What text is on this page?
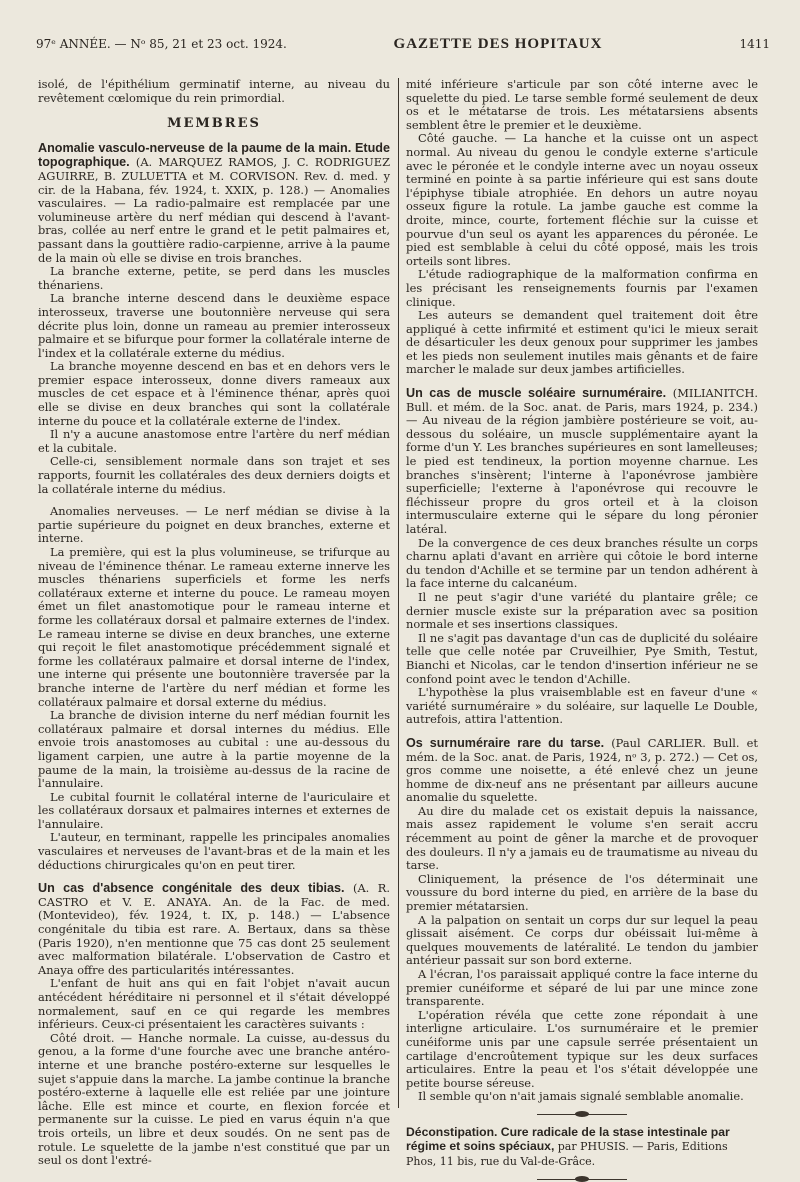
97ᵉ ANNÉE. — Nᵒ 85, 21 et 23 oct. 1924.	GAZETTE DES HOPITAUX	1411

isolé, de l'épithélium germinatif interne, au niveau du revêtement cœlomique du rein primordial.

MEMBRES

Anomalie vasculo-nerveuse de la paume de la main. Etude topographique. (A. MARQUEZ RAMOS, J. C. RODRIGUEZ AGUIRRE, B. ZULUETTA et M. CORVISON. Rev. d. med. y cir. de la Habana, fév. 1924, t. XXIX, p. 128.) — Anomalies vasculaires. — La radio-palmaire est remplacée par une volumineuse artère du nerf médian qui descend à l'avant-bras, collée au nerf entre le grand et le petit palmaires et, passant dans la gouttière radio-carpienne, arrive à la paume de la main où elle se divise en trois branches.

La branche externe, petite, se perd dans les muscles thénariens.

La branche interne descend dans le deuxième espace interosseux, traverse une boutonnière nerveuse qui sera décrite plus loin, donne un rameau au premier interosseux palmaire et se bifurque pour former la collatérale interne de l'index et la collatérale externe du médius.

La branche moyenne descend en bas et en dehors vers le premier espace interosseux, donne divers rameaux aux muscles de cet espace et à l'éminence thénar, après quoi elle se divise en deux branches qui sont la collatérale interne du pouce et la collatérale externe de l'index.

Il n'y a aucune anastomose entre l'artère du nerf médian et la cubitale.

Celle-ci, sensiblement normale dans son trajet et ses rapports, fournit les collatérales des deux derniers doigts et la collatérale interne du médius.

Anomalies nerveuses. — Le nerf médian se divise à la partie supérieure du poignet en deux branches, externe et interne.

La première, qui est la plus volumineuse, se trifurque au niveau de l'éminence thénar. Le rameau externe innerve les muscles thénariens superficiels et forme les nerfs collatéraux externe et interne du pouce. Le rameau moyen émet un filet anastomotique pour le rameau interne et forme les collatéraux dorsal et palmaire externes de l'index. Le rameau interne se divise en deux branches, une externe qui reçoit le filet anastomotique précédemment signalé et forme les collatéraux palmaire et dorsal interne de l'index, une interne qui présente une boutonnière traversée par la branche interne de l'artère du nerf médian et forme les collatéraux palmaire et dorsal externe du médius.

La branche de division interne du nerf médian fournit les collatéraux palmaire et dorsal internes du médius. Elle envoie trois anastomoses au cubital : une au-dessous du ligament carpien, une autre à la partie moyenne de la paume de la main, la troisième au-dessus de la racine de l'annulaire.

Le cubital fournit le collatéral interne de l'auriculaire et les collatéraux dorsaux et palmaires internes et externes de l'annulaire.

L'auteur, en terminant, rappelle les principales anomalies vasculaires et nerveuses de l'avant-bras et de la main et les déductions chirurgicales qu'on en peut tirer.

Un cas d'absence congénitale des deux tibias. (A. R. CASTRO et V. E. ANAYA. An. de la Fac. de med. (Montevideo), fév. 1924, t. IX, p. 148.) — L'absence congénitale du tibia est rare. A. Bertaux, dans sa thèse (Paris 1920), n'en mentionne que 75 cas dont 25 seulement avec malformation bilatérale. L'observation de Castro et Anaya offre des particularités intéressantes.

L'enfant de huit ans qui en fait l'objet n'avait aucun antécédent héréditaire ni personnel et il s'était développé normalement, sauf en ce qui regarde les membres inférieurs. Ceux-ci présentaient les caractères suivants :

Côté droit. — Hanche normale. La cuisse, au-dessus du genou, a la forme d'une fourche avec une branche antéro-interne et une branche postéro-externe sur lesquelles le sujet s'appuie dans la marche. La jambe continue la branche postéro-externe à laquelle elle est reliée par une jointure lâche. Elle est mince et courte, en flexion forcée et permanente sur la cuisse. Le pied en varus équin n'a que trois orteils, un libre et deux soudés. On ne sent pas de rotule. Le squelette de la jambe n'est constitué que par un seul os dont l'extré-

mité inférieure s'articule par son côté interne avec le squelette du pied. Le tarse semble formé seulement de deux os et le métatarse de trois. Les métatarsiens absents semblent être le premier et le deuxième.

Côté gauche. — La hanche et la cuisse ont un aspect normal. Au niveau du genou le condyle externe s'articule avec le péronée et le condyle interne avec un noyau osseux terminé en pointe à sa partie inférieure qui est sans doute l'épiphyse tibiale atrophiée. En dehors un autre noyau osseux figure la rotule. La jambe gauche est comme la droite, mince, courte, fortement fléchie sur la cuisse et pourvue d'un seul os ayant les apparences du péronée. Le pied est semblable à celui du côté opposé, mais les trois orteils sont libres.

L'étude radiographique de la malformation confirma en les précisant les renseignements fournis par l'examen clinique.

Les auteurs se demandent quel traitement doit être appliqué à cette infirmité et estiment qu'ici le mieux serait de désarticuler les deux genoux pour supprimer les jambes et les pieds non seulement inutiles mais gênants et de faire marcher le malade sur deux jambes artificielles.

Un cas de muscle soléaire surnuméraire. (MILIANITCH. Bull. et mém. de la Soc. anat. de Paris, mars 1924, p. 234.) — Au niveau de la région jambière postérieure se voit, au-dessous du soléaire, un muscle supplémentaire ayant la forme d'un Y. Les branches supérieures en sont lamelleuses; le pied est tendineux, la portion moyenne charnue. Les branches s'insèrent; l'interne à l'aponévrose jambière superficielle; l'externe à l'aponévrose qui recouvre le fléchisseur propre du gros orteil et à la cloison intermusculaire externe qui le sépare du long péronier latéral.

De la convergence de ces deux branches résulte un corps charnu aplati d'avant en arrière qui côtoie le bord interne du tendon d'Achille et se termine par un tendon adhérent à la face interne du calcanéum.

Il ne peut s'agir d'une variété du plantaire grêle; ce dernier muscle existe sur la préparation avec sa position normale et ses insertions classiques.

Il ne s'agit pas davantage d'un cas de duplicité du soléaire telle que celle notée par Cruveilhier, Pye Smith, Testut, Bianchi et Nicolas, car le tendon d'insertion inférieur ne se confond point avec le tendon d'Achille.

L'hypothèse la plus vraisemblable est en faveur d'une « variété surnuméraire » du soléaire, sur laquelle Le Double, autrefois, attira l'attention.

Os surnuméraire rare du tarse. (Paul CARLIER. Bull. et mém. de la Soc. anat. de Paris, 1924, nᵒ 3, p. 272.) — Cet os, gros comme une noisette, a été enlevé chez un jeune homme de dix-neuf ans ne présentant par ailleurs aucune anomalie du squelette.

Au dire du malade cet os existait depuis la naissance, mais assez rapidement le volume s'en serait accru récemment au point de gêner la marche et de provoquer des douleurs. Il n'y a jamais eu de traumatisme au niveau du tarse.

Cliniquement, la présence de l'os déterminait une voussure du bord interne du pied, en arrière de la base du premier métatarsien.

A la palpation on sentait un corps dur sur lequel la peau glissait aisément. Ce corps dur obéissait lui-même à quelques mouvements de latéralité. Le tendon du jambier antérieur passait sur son bord externe.

A l'écran, l'os paraissait appliqué contre la face interne du premier cunéiforme et séparé de lui par une mince zone transparente.

L'opération révéla que cette zone répondait à une interligne articulaire. L'os surnuméraire et le premier cunéiforme unis par une capsule serrée présentaient un cartilage d'encroûtement typique sur les deux surfaces articulaires. Entre la peau et l'os s'était développée une petite bourse séreuse.

Il semble qu'on n'ait jamais signalé semblable anomalie.

Déconstipation. Cure radicale de la stase intestinale par régime et soins spéciaux, par PHUSIS. — Paris, Editions Phos, 11 bis, rue du Val-de-Grâce.
